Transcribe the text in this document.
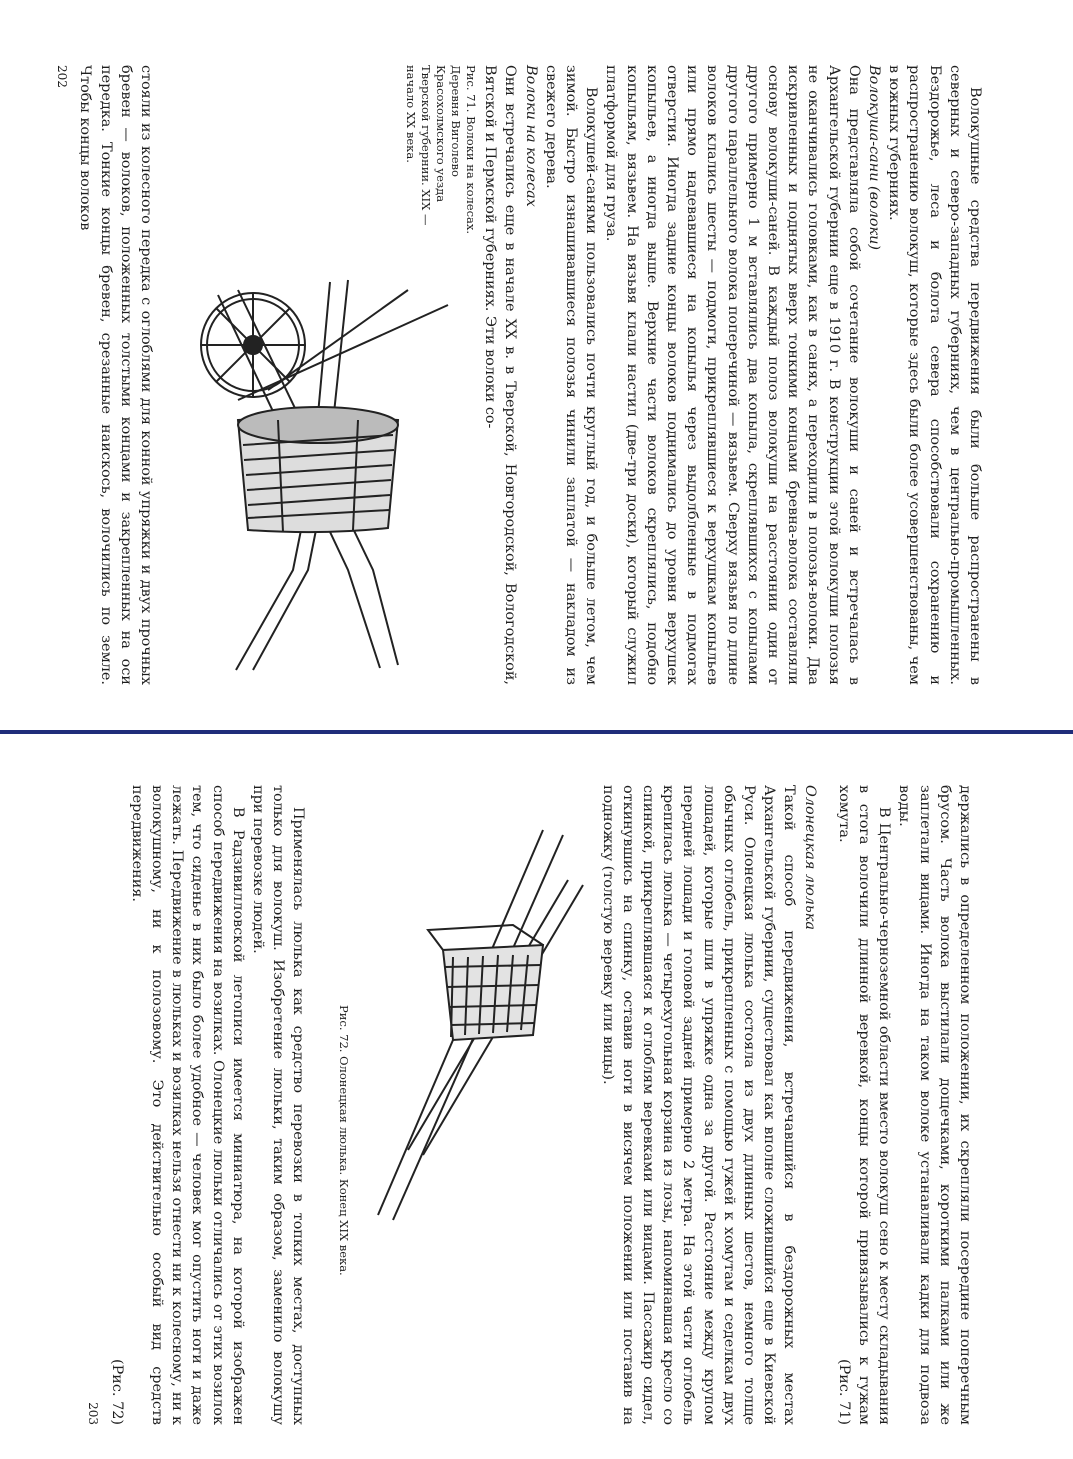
Волокушные средства передвижения были больше распространены в северных и северо-западных губерниях, чем в центрально-промышленных. Бездорожье, леса и болота севера способствовали сохранению и распространению волокуш, которые здесь были более усовершенствованы, чем в южных губерниях.

Волокуша-сани (волоки)

Она представляла собой сочетание волокуши и саней и встречалась в Архангельской губернии еще в 1910 г. В конструкции этой волокуши полозья не оканчивались головками, как в санях, а переходили в полозья-волоки. Два искривленных и поднятых вверх тонкими концами бревна-волока составляли основу волокуши-саней. В каждый полоз волокуши на расстоянии один от другого примерно 1 м вставлялись два копыла, скреплявшихся с копылами другого параллельного волока поперечиной — вязьвем. Сверху вязьвя по длине волоков клались шесты — подмоги, прикреплявшиеся к верхушкам копыльев или прямо надевавшиеся на копылья через выдолбленные в подмогах отверстия. Иногда задние концы волоков поднимались до уровня верхушек копыльев, а иногда выше. Верхние части волоков скреплялись, подобно копыльям, вязьвем. На вязьвя клали настил (две-три доски), который служил платформой для груза.

Волокушей-санями пользовались почти круглый год, и больше летом, чем зимой. Быстро изнашивавшиеся полозья чинили заплатой — накладом из свежего дерева.

Волоки на колесах

Они встречались еще в начале XX в. в Тверской, Новгородской, Вологодской, Вятской и Пермской губерниях. Эти волоки со-

Рис. 71. Волоки на колесах. Деревня Виголево Красохолмского уезда Тверской губернии. XIX — начало XX века.

стояли из колесного передка с оглоблями для конной упряжки и двух прочных бревен — волоков, положенных толстыми концами и закрепленных на оси передка. Тонкие концы бревен, срезанные наискось, волочились по земле. Чтобы концы волоков

202

держались в определенном положении, их скрепляли посередине поперечным брусом. Часть волока выстилали дощечками, короткими палками или же заплетали вицами. Иногда на таком волоке устанавливали кадки для подвоза воды.

В Центрально-черноземной области вместо волокуш сено к месту складывания в стога волочили длинной веревкой, концы которой привязывались к гужам хомута.
(Рис. 71)

Олонецкая люлька

Такой способ передвижения, встречавшийся в бездорожных местах Архангельской губернии, существовал как вполне сложившийся еще в Киевской Руси. Олонецкая люлька состояла из двух длинных шестов, немного толще обычных оглобель, прикрепленных с помощью гужей к хомутам и седелкам двух лошадей, которые шли в упряжке одна за другой. Расстояние между крупом передней лошади и головой задней примерно 2 метра. На этой части оглобель крепилась люлька — четырехугольная корзина из лозы, напоминавшая кресло со спинкой, прикреплявшаяся к оглоблям веревками или вицами. Пассажир сидел, откинувшись на спинку, оставив ноги в висячем положении или поставив на подножку (толстую веревку или вицы).

Рис. 72. Олонецкая люлька. Конец XIX века.

Применялась люлька как средство перевозки в топких местах, доступных только для волокуш. Изобретение люльки, таким образом, заменило волокушу при перевозке людей.

В Радзивилловской летописи имеется миниатюра, на которой изображен способ передвижения на возилках. Олонецкие люльки отличались от этих возилок тем, что сиденье в них было более удобное — человек мог опустить ноги и даже лежать. Передвижение в люльках и возилках нельзя отнести ни к колесному, ни к волокушному, ни к полозовому. Это действительно особый вид средств передвижения.

(Рис. 72)

203
